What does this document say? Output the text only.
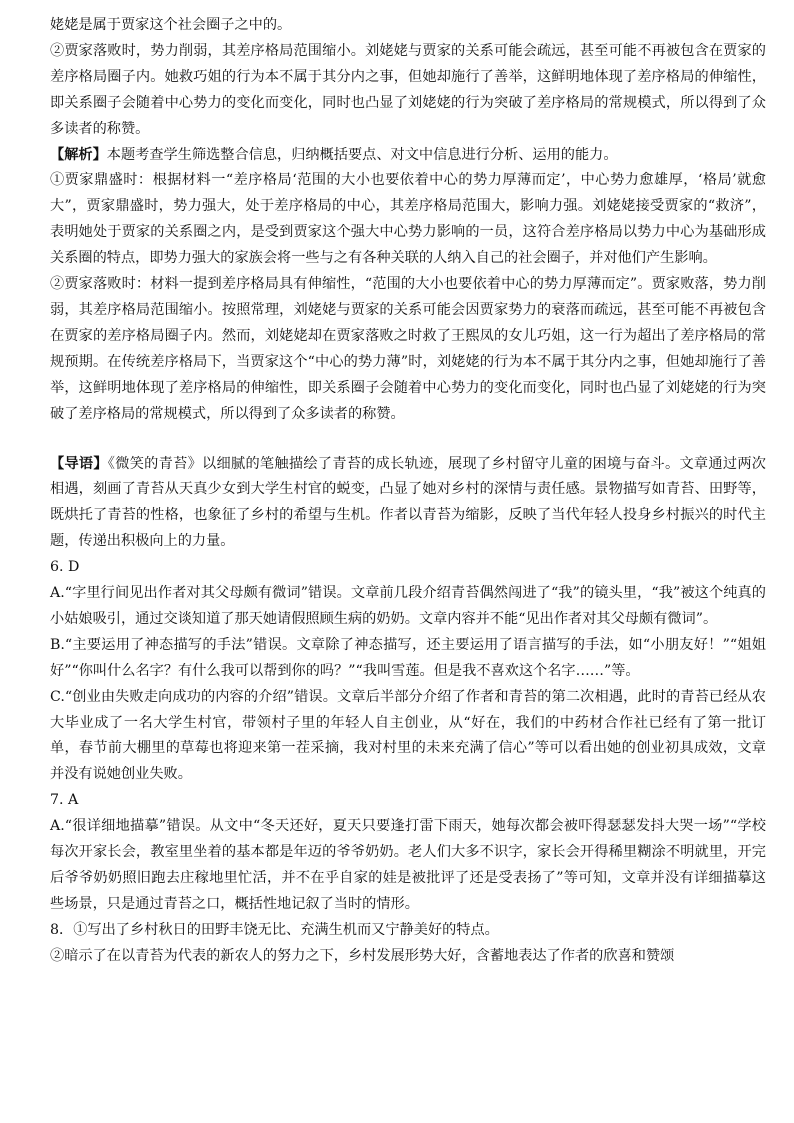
姥姥是属于贾家这个社会圈子之中的。

②贾家落败时，势力削弱，其差序格局范围缩小。刘姥姥与贾家的关系可能会疏远，甚至可能不再被包含在贾家的差序格局圈子内。她救巧姐的行为本不属于其分内之事，但她却施行了善举，这鲜明地体现了差序格局的伸缩性，即关系圈子会随着中心势力的变化而变化，同时也凸显了刘姥姥的行为突破了差序格局的常规模式，所以得到了众多读者的称赞。

【解析】本题考查学生筛选整合信息，归纳概括要点、对文中信息进行分析、运用的能力。

①贾家鼎盛时：根据材料一“差序格局‘范围的大小也要依着中心的势力厚薄而定’，中心势力愈雄厚，‘格局’就愈大”，贾家鼎盛时，势力强大，处于差序格局的中心，其差序格局范围大，影响力强。刘姥姥接受贾家的“救济”，表明她处于贾家的关系圈之内，是受到贾家这个强大中心势力影响的一员，这符合差序格局以势力中心为基础形成关系圈的特点，即势力强大的家族会将一些与之有各种关联的人纳入自己的社会圈子，并对他们产生影响。

②贾家落败时：材料一提到差序格局具有伸缩性，“范围的大小也要依着中心的势力厚薄而定”。贾家败落，势力削弱，其差序格局范围缩小。按照常理，刘姥姥与贾家的关系可能会因贾家势力的衰落而疏远，甚至可能不再被包含在贾家的差序格局圈子内。然而，刘姥姥却在贾家落败之时救了王熙凤的女儿巧姐，这一行为超出了差序格局的常规预期。在传统差序格局下，当贾家这个“中心的势力薄”时，刘姥姥的行为本不属于其分内之事，但她却施行了善举，这鲜明地体现了差序格局的伸缩性，即关系圈子会随着中心势力的变化而变化，同时也凸显了刘姥姥的行为突破了差序格局的常规模式，所以得到了众多读者的称赞。

【导语】《微笑的青苔》以细腻的笔触描绘了青苔的成长轨迹，展现了乡村留守儿童的困境与奋斗。文章通过两次相遇，刻画了青苔从天真少女到大学生村官的蜕变，凸显了她对乡村的深情与责任感。景物描写如青苔、田野等，既烘托了青苔的性格，也象征了乡村的希望与生机。作者以青苔为缩影，反映了当代年轻人投身乡村振兴的时代主题，传递出积极向上的力量。

6. D

A.“字里行间见出作者对其父母颇有微词”错误。文章前几段介绍青苔偶然闯进了“我”的镜头里，“我”被这个纯真的小姑娘吸引，通过交谈知道了那天她请假照顾生病的奶奶。文章内容并不能“见出作者对其父母颇有微词”。

B.“主要运用了神态描写的手法”错误。文章除了神态描写，还主要运用了语言描写的手法，如“小朋友好！”“姐姐好”“你叫什么名字？有什么我可以帮到你的吗？”“我叫雪莲。但是我不喜欢这个名字……”等。

C.“创业由失败走向成功的内容的介绍”错误。文章后半部分介绍了作者和青苔的第二次相遇，此时的青苔已经从农大毕业成了一名大学生村官，带领村子里的年轻人自主创业，从“好在，我们的中药材合作社已经有了第一批订单，春节前大棚里的草莓也将迎来第一茬采摘，我对村里的未来充满了信心”等可以看出她的创业初具成效，文章并没有说她创业失败。

7. A

A.“很详细地描摹”错误。从文中“冬天还好，夏天只要逢打雷下雨天，她每次都会被吓得瑟瑟发抖大哭一场”“学校每次开家长会，教室里坐着的基本都是年迈的爷爷奶奶。老人们大多不识字，家长会开得稀里糊涂不明就里，开完后爷爷奶奶照旧跑去庄稼地里忙活，并不在乎自家的娃是被批评了还是受表扬了”等可知，文章并没有详细描摹这些场景，只是通过青苔之口，概括性地记叙了当时的情形。

8．①写出了乡村秋日的田野丰饶无比、充满生机而又宁静美好的特点。

②暗示了在以青苔为代表的新农人的努力之下，乡村发展形势大好，含蓄地表达了作者的欣喜和赞颂
